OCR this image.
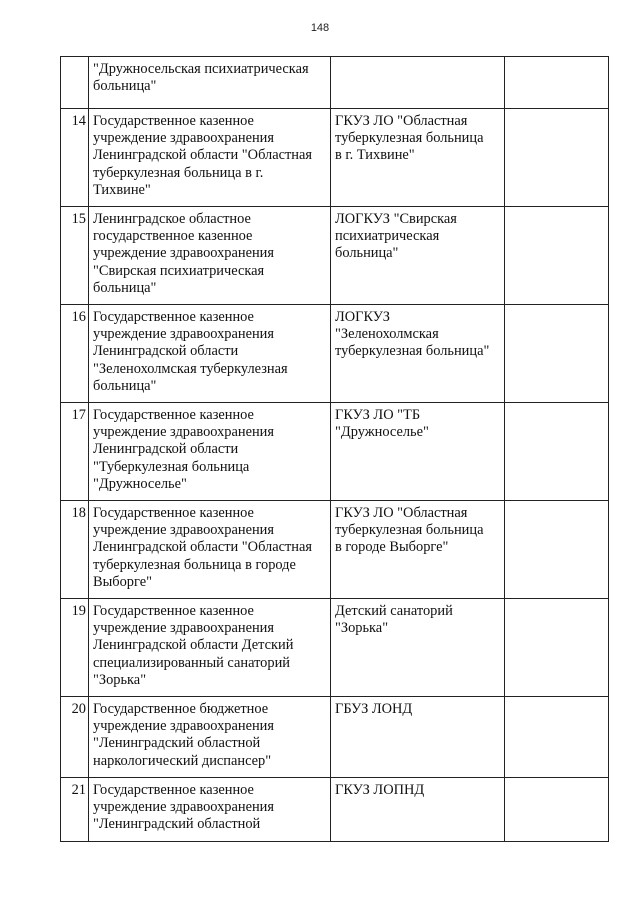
148

	"Дружносельская психиатрическая
больница"		

14	Государственное казенное
учреждение здравоохранения
Ленинградской области "Областная
туберкулезная больница в г.
Тихвине"	ГКУЗ ЛО "Областная
туберкулезная больница
в г. Тихвине"	

15	Ленинградское областное
государственное казенное
учреждение здравоохранения
"Свирская психиатрическая
больница"	ЛОГКУЗ "Свирская
психиатрическая
больница"	

16	Государственное казенное
учреждение здравоохранения
Ленинградской области
"Зеленохолмская туберкулезная
больница"	ЛОГКУЗ
"Зеленохолмская
туберкулезная больница"	

17	Государственное казенное
учреждение здравоохранения
Ленинградской области
"Туберкулезная больница
"Дружноселье"	ГКУЗ ЛО "ТБ
"Дружноселье"	

18	Государственное казенное
учреждение здравоохранения
Ленинградской области "Областная
туберкулезная больница в городе
Выборге"	ГКУЗ ЛО "Областная
туберкулезная больница
в городе Выборге"	

19	Государственное казенное
учреждение здравоохранения
Ленинградской области Детский
специализированный санаторий
"Зорька"	Детский санаторий
"Зорька"	

20	Государственное бюджетное
учреждение здравоохранения
"Ленинградский областной
наркологический диспансер"	ГБУЗ ЛОНД	

21	Государственное казенное
учреждение здравоохранения
"Ленинградский областной	ГКУЗ ЛОПНД	
